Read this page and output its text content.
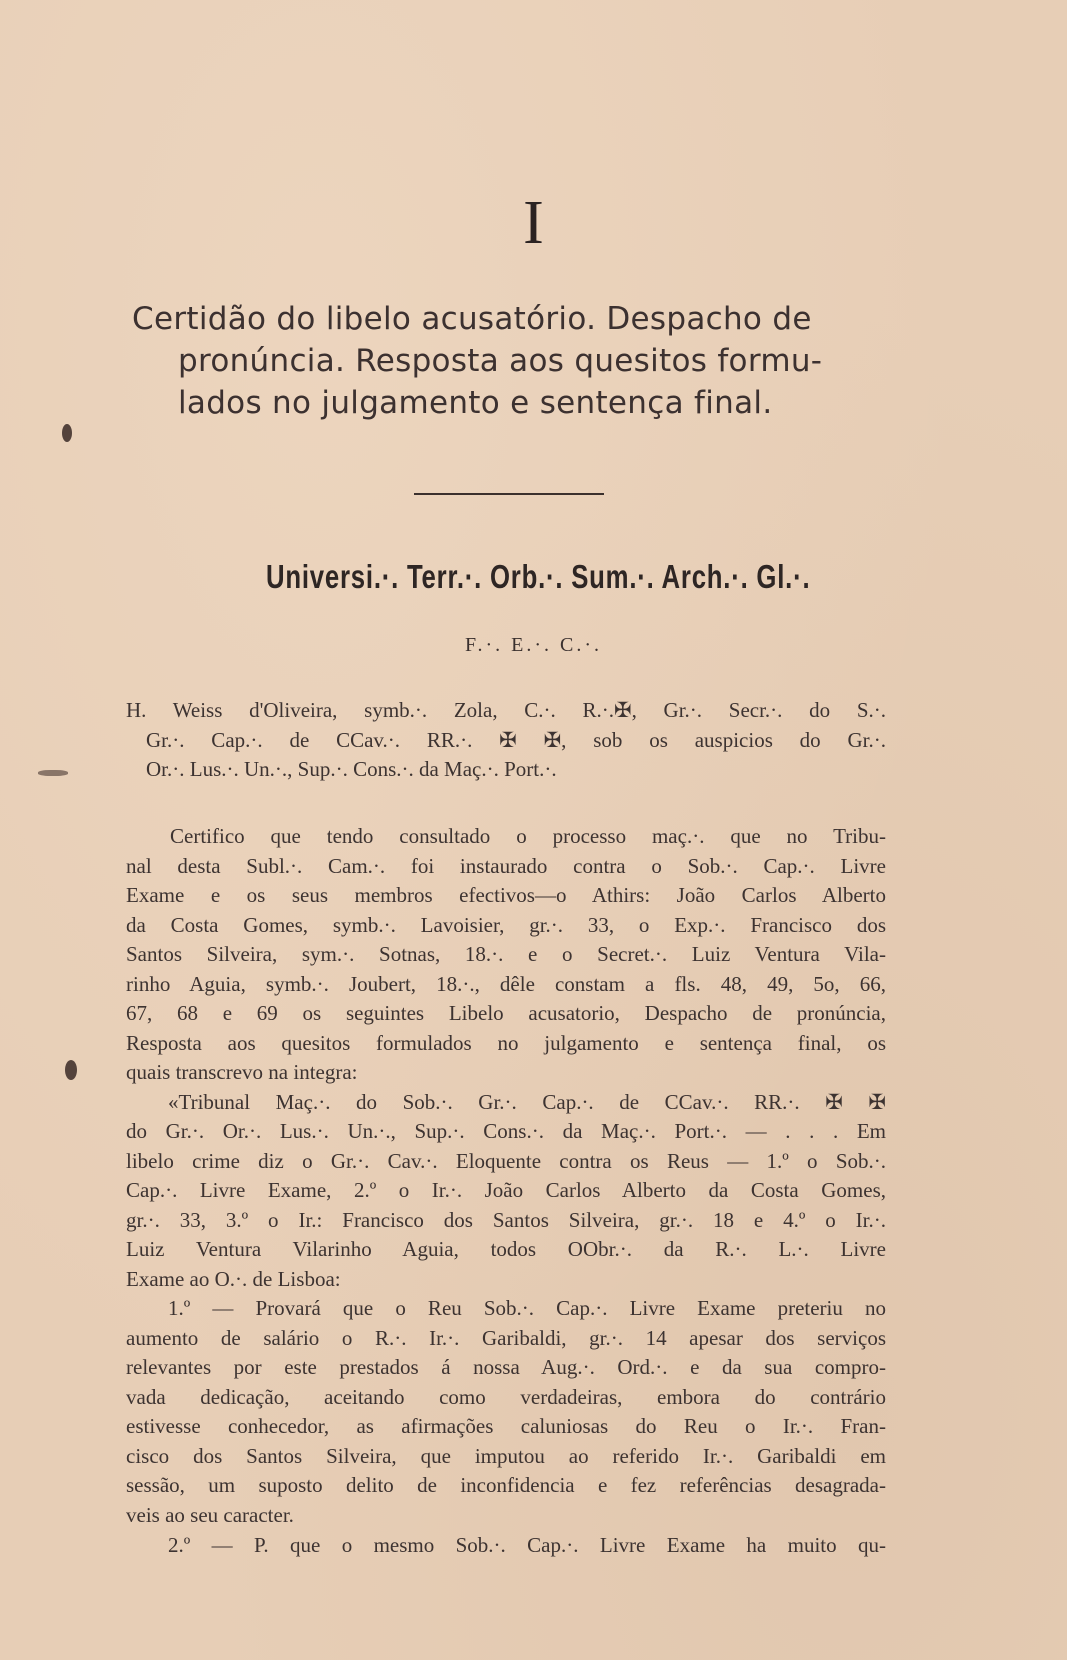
I
Certidão do libelo acusatório. Despacho de
pronúncia. Resposta aos quesitos formu-
lados no julgamento e sentença final.
Universi.·. Terr.·. Orb.·. Sum.·. Arch.·. Gl.·.
F.·. E.·. C.·.
H. Weiss d'Oliveira, symb.·. Zola, C.·. R.·.✠, Gr.·. Secr.·. do S.·.
Gr.·. Cap.·. de CCav.·. RR.·. ✠ ✠, sob os auspicios do Gr.·.
Or.·. Lus.·. Un.·., Sup.·. Cons.·. da Maç.·. Port.·.
Certifico que tendo consultado o processo maç.·. que no Tribu-
nal desta Subl.·. Cam.·. foi instaurado contra o Sob.·. Cap.·. Livre
Exame e os seus membros efectivos—o Athirs: João Carlos Alberto
da Costa Gomes, symb.·. Lavoisier, gr.·. 33, o Exp.·. Francisco dos
Santos Silveira, sym.·. Sotnas, 18.·. e o Secret.·. Luiz Ventura Vila-
rinho Aguia, symb.·. Joubert, 18.·., dêle constam a fls. 48, 49, 5o, 66,
67, 68 e 69 os seguintes Libelo acusatorio, Despacho de pronúncia,
Resposta aos quesitos formulados no julgamento e sentença final, os
quais transcrevo na integra:
«Tribunal Maç.·. do Sob.·. Gr.·. Cap.·. de CCav.·. RR.·. ✠ ✠
do Gr.·. Or.·. Lus.·. Un.·., Sup.·. Cons.·. da Maç.·. Port.·. — . . . Em
libelo crime diz o Gr.·. Cav.·. Eloquente contra os Reus — 1.º o Sob.·.
Cap.·. Livre Exame, 2.º o Ir.·. João Carlos Alberto da Costa Gomes,
gr.·. 33, 3.º o Ir.: Francisco dos Santos Silveira, gr.·. 18 e 4.º o Ir.·.
Luiz Ventura Vilarinho Aguia, todos OObr.·. da R.·. L.·. Livre
Exame ao O.·. de Lisboa:
1.º — Provará que o Reu Sob.·. Cap.·. Livre Exame preteriu no
aumento de salário o R.·. Ir.·. Garibaldi, gr.·. 14 apesar dos serviços
relevantes por este prestados á nossa Aug.·. Ord.·. e da sua compro-
vada dedicação, aceitando como verdadeiras, embora do contrário
estivesse conhecedor, as afirmações caluniosas do Reu o Ir.·. Fran-
cisco dos Santos Silveira, que imputou ao referido Ir.·. Garibaldi em
sessão, um suposto delito de inconfidencia e fez referências desagrada-
veis ao seu caracter.
2.º — P. que o mesmo Sob.·. Cap.·. Livre Exame ha muito qu-
